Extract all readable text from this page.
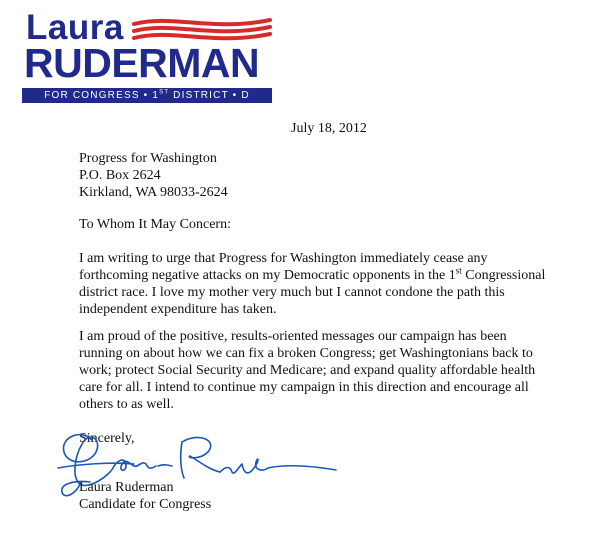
Laura
RUDERMAN
FOR CONGRESS • 1ST DISTRICT • D
July 18, 2012
Progress for Washington
P.O. Box 2624
Kirkland, WA 98033-2624
To Whom It May Concern:
I am writing to urge that Progress for Washington immediately cease any
forthcoming negative attacks on my Democratic opponents in the 1st Congressional
district race. I love my mother very much but I cannot condone the path this
independent expenditure has taken.
I am proud of the positive, results-oriented messages our campaign has been
running on about how we can fix a broken Congress; get Washingtonians back to
work; protect Social Security and Medicare; and expand quality affordable health
care for all. I intend to continue my campaign in this direction and encourage all
others to as well.
Sincerely,
Laura Ruderman
Candidate for Congress
